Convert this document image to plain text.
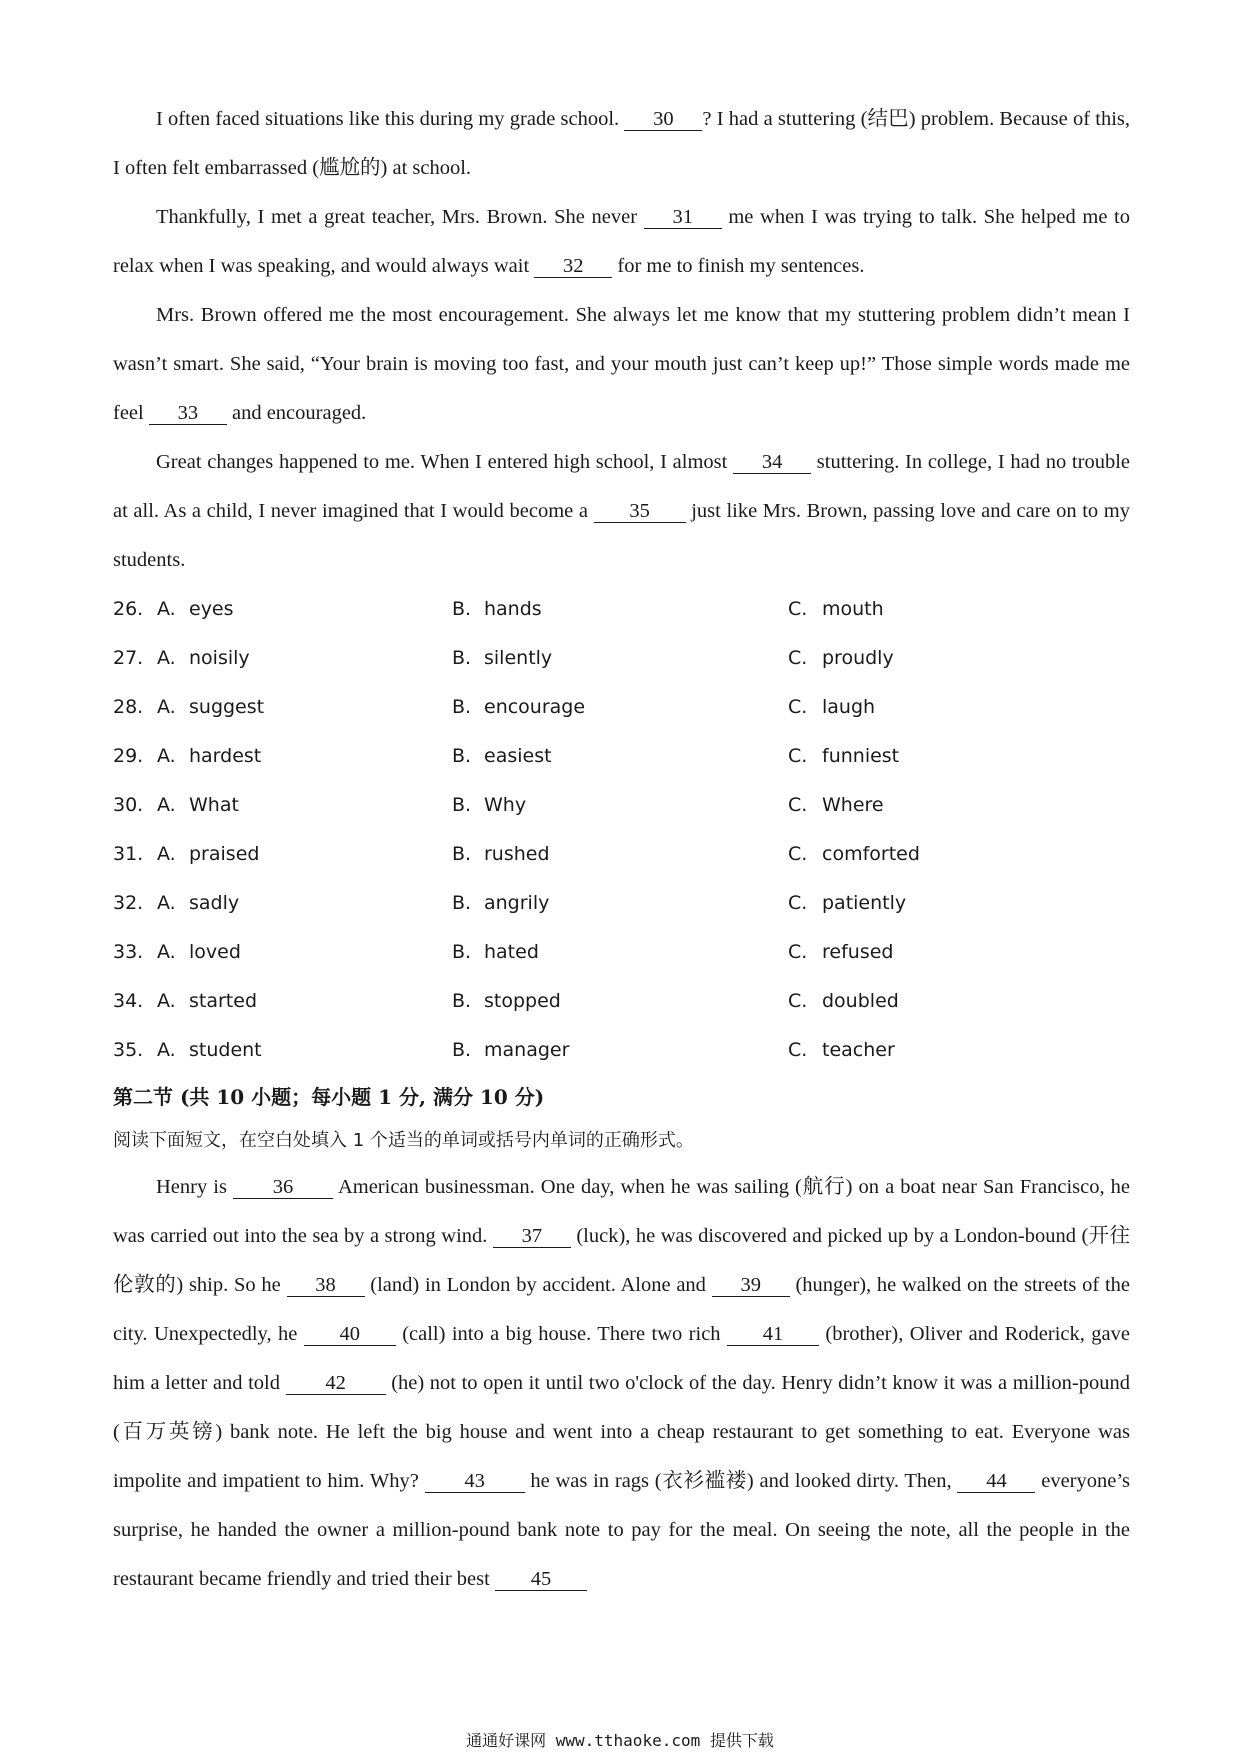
I often faced situations like this during my grade school. 30 ? I had a stuttering (结巴) problem. Because of this, I often felt embarrassed (尴尬的) at school.

Thankfully, I met a great teacher, Mrs. Brown. She never 31 me when I was trying to talk. She helped me to relax when I was speaking, and would always wait 32 for me to finish my sentences.

Mrs. Brown offered me the most encouragement. She always let me know that my stuttering problem didn’t mean I wasn’t smart. She said, “Your brain is moving too fast, and your mouth just can’t keep up!” Those simple words made me feel 33 and encouraged.

Great changes happened to me. When I entered high school, I almost 34 stuttering. In college, I had no trouble at all. As a child, I never imagined that I would become a 35 just like Mrs. Brown, passing love and care on to my students.

26. A. eyes	B. hands	C. mouth
27. A. noisily	B. silently	C. proudly
28. A. suggest	B. encourage	C. laugh
29. A. hardest	B. easiest	C. funniest
30. A. What	B. Why	C. Where
31. A. praised	B. rushed	C. comforted
32. A. sadly	B. angrily	C. patiently
33. A. loved	B. hated	C. refused
34. A. started	B. stopped	C. doubled
35. A. student	B. manager	C. teacher

第二节 (共 10 小题；每小题 1 分, 满分 10 分)

阅读下面短文，在空白处填入 1 个适当的单词或括号内单词的正确形式。

Henry is 36 American businessman. One day, when he was sailing (航行) on a boat near San Francisco, he was carried out into the sea by a strong wind. 37 (luck), he was discovered and picked up by a London-bound (开往伦敦的) ship. So he 38 (land) in London by accident. Alone and 39 (hunger), he walked on the streets of the city. Unexpectedly, he 40 (call) into a big house. There two rich 41 (brother), Oliver and Roderick, gave him a letter and told 42 (he) not to open it until two o'clock of the day. Henry didn’t know it was a million-pound (百万英镑) bank note. He left the big house and went into a cheap restaurant to get something to eat. Everyone was impolite and impatient to him. Why? 43 he was in rags (衣衫褴褛) and looked dirty. Then, 44 everyone’s surprise, he handed the owner a million-pound bank note to pay for the meal. On seeing the note, all the people in the restaurant became friendly and tried their best 45

通通好课网 www.tthaoke.com 提供下载
